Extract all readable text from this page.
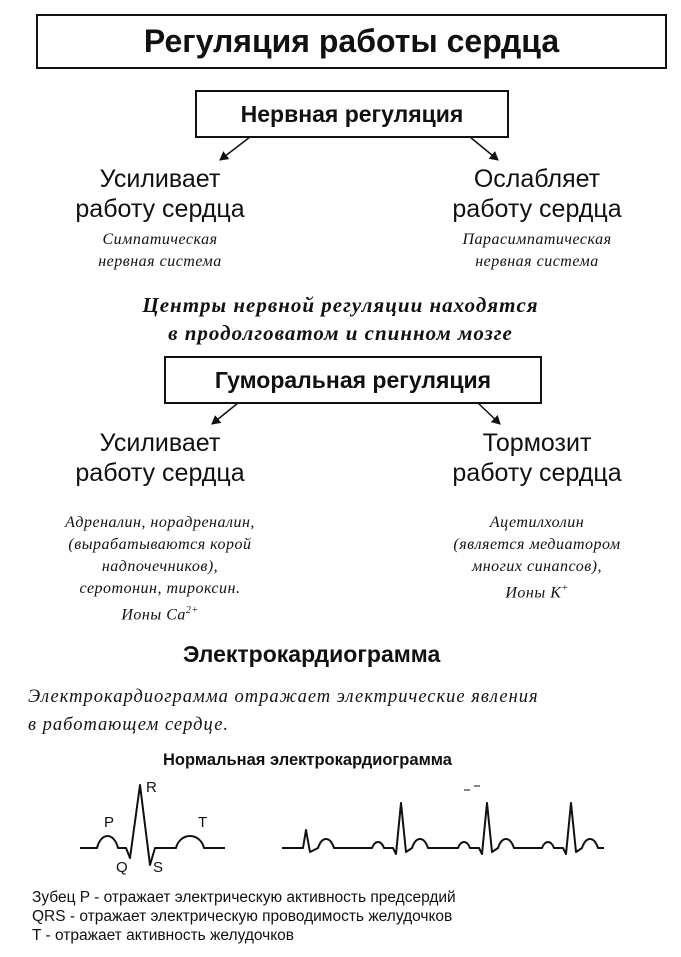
Регуляция работы сердца
Нервная регуляция
Усиливает
работу сердца
Симпатическая
нервная система
Ослабляет
работу сердца
Парасимпатическая
нервная система
Центры нервной регуляции находятся
в продолговатом и спинном мозге
Гуморальная регуляция
Усиливает
работу сердца
Адреналин, норадреналин,
(вырабатываются корой
надпочечников),
серотонин, тироксин.
Ионы $Ca^{2+}$
Тормозит
работу сердца
Ацетилхолин
(является медиатором
многих синапсов),
Ионы K+
Электрокардиограмма
Электрокардиограмма отражает электрические явления
в работающем сердце.
Нормальная электрокардиограмма
P
R
Q S
T
Зубец P - отражает электрическую активность предсердий
QRS - отражает электрическую проводимость желудочков
T - отражает активность желудочков
